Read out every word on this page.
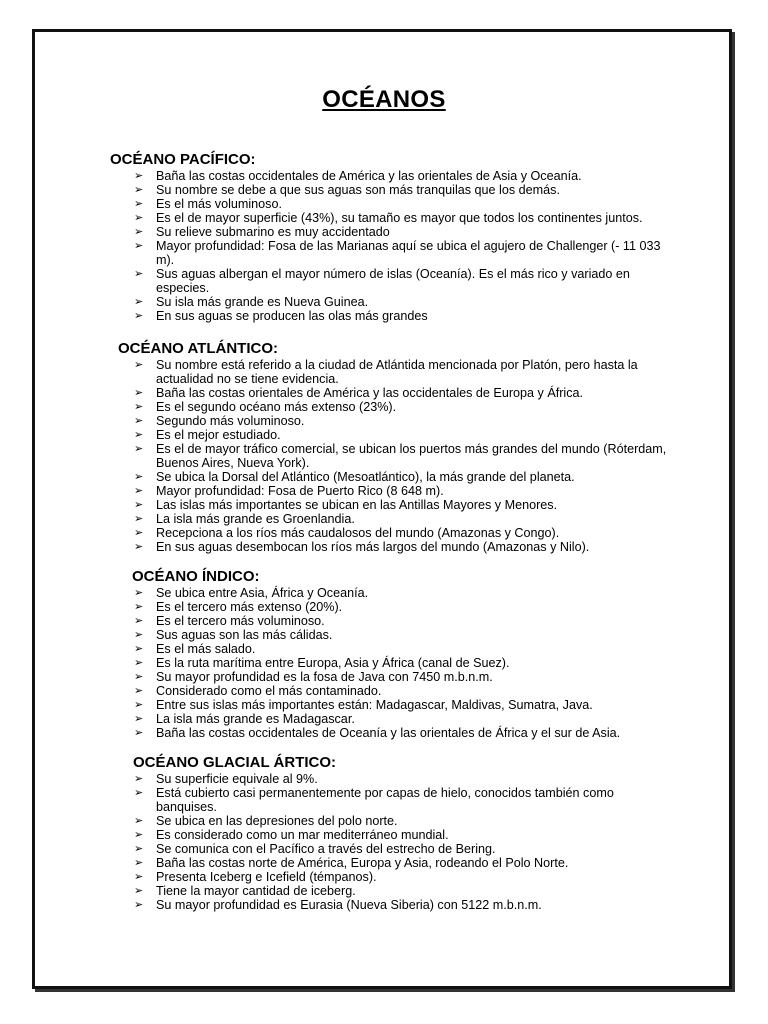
OCÉANOS
OCÉANO PACÍFICO:
➢ Baña las costas occidentales de América y las orientales de Asia y Oceanía.
➢ Su nombre se debe a que sus aguas son más tranquilas que los demás.
➢ Es el más voluminoso.
➢ Es el de mayor superficie (43%), su tamaño es mayor que todos los continentes juntos.
➢ Su relieve submarino es muy accidentado
➢ Mayor profundidad: Fosa de las Marianas aquí se ubica el agujero de Challenger (- 11 033 m).
➢ Sus aguas albergan el mayor número de islas (Oceanía). Es el más rico y variado en especies.
➢ Su isla más grande es Nueva Guinea.
➢ En sus aguas se producen las olas más grandes
OCÉANO ATLÁNTICO:
➢ Su nombre está referido a la ciudad de Atlántida mencionada por Platón, pero hasta la actualidad no se tiene evidencia.
➢ Baña las costas orientales de América y las occidentales de Europa y África.
➢ Es el segundo océano más extenso (23%).
➢ Segundo más voluminoso.
➢ Es el mejor estudiado.
➢ Es el de mayor tráfico comercial, se ubican los puertos más grandes del mundo (Róterdam, Buenos Aires, Nueva York).
➢ Se ubica la Dorsal del Atlántico (Mesoatlántico), la más grande del planeta.
➢ Mayor profundidad: Fosa de Puerto Rico (8 648 m).
➢ Las islas más importantes se ubican en las Antillas Mayores y Menores.
➢ La isla más grande es Groenlandia.
➢ Recepciona a los ríos más caudalosos del mundo (Amazonas y Congo).
➢ En sus aguas desembocan los ríos más largos del mundo (Amazonas y Nilo).
OCÉANO ÍNDICO:
➢ Se ubica entre Asia, África y Oceanía.
➢ Es el tercero más extenso (20%).
➢ Es el tercero más voluminoso.
➢ Sus aguas son las más cálidas.
➢ Es el más salado.
➢ Es la ruta marítima entre Europa, Asia y África (canal de Suez).
➢ Su mayor profundidad es la fosa de Java con 7450 m.b.n.m.
➢ Considerado como el más contaminado.
➢ Entre sus islas más importantes están: Madagascar, Maldivas, Sumatra, Java.
➢ La isla más grande es Madagascar.
➢ Baña las costas occidentales de Oceanía y las orientales de África y el sur de Asia.
OCÉANO GLACIAL ÁRTICO:
➢ Su superficie equivale al 9%.
➢ Está cubierto casi permanentemente por capas de hielo, conocidos también como banquises.
➢ Se ubica en las depresiones del polo norte.
➢ Es considerado como un mar mediterráneo mundial.
➢ Se comunica con el Pacífico a través del estrecho de Bering.
➢ Baña las costas norte de América, Europa y Asia, rodeando el Polo Norte.
➢ Presenta Iceberg e Icefield (témpanos).
➢ Tiene la mayor cantidad de iceberg.
➢ Su mayor profundidad es Eurasia (Nueva Siberia) con 5122 m.b.n.m.
